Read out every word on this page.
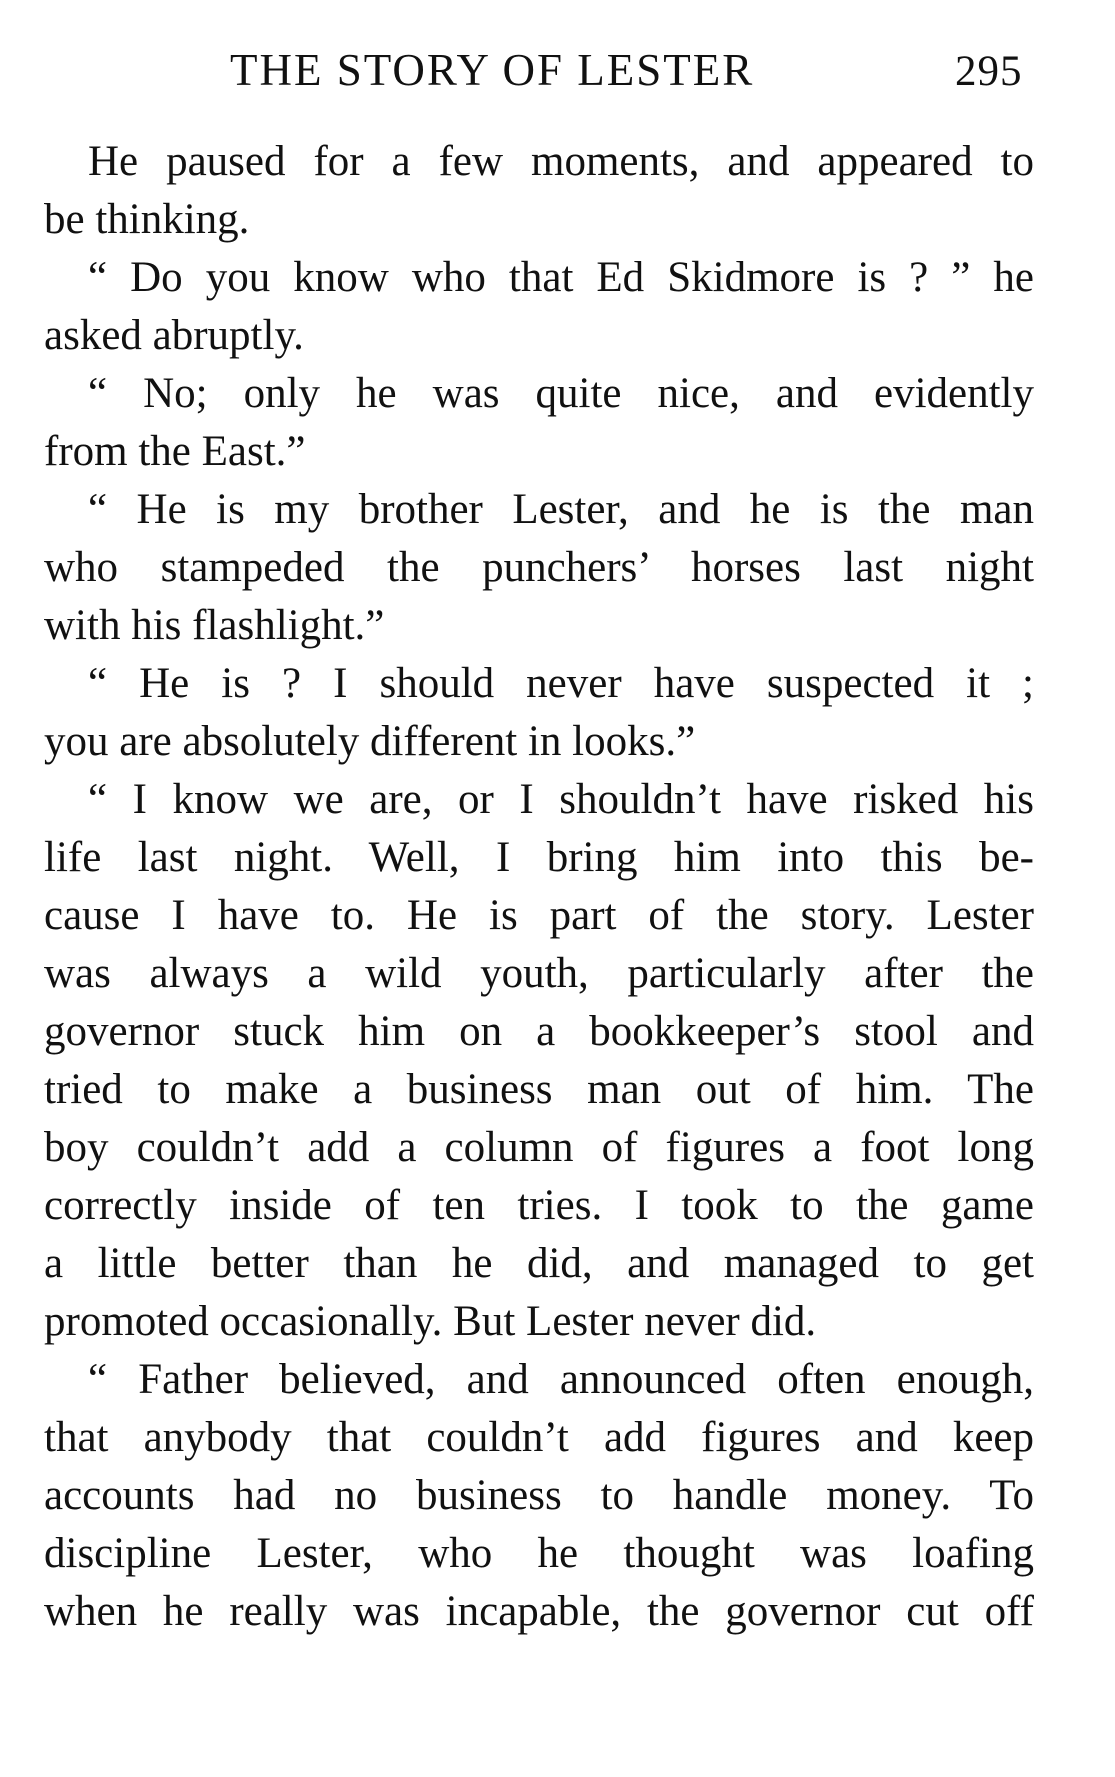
THE STORY OF LESTER	295
He paused for a few moments, and appeared to
be thinking.
“ Do you know who that Ed Skidmore is ? ” he
asked abruptly.
“ No; only he was quite nice, and evidently
from the East.”
“ He is my brother Lester, and he is the man
who stampeded the punchers’ horses last night
with his flashlight.”
“ He is ? I should never have suspected it ;
you are absolutely different in looks.”
“ I know we are, or I shouldn’t have risked his
life last night. Well, I bring him into this be-
cause I have to. He is part of the story. Lester
was always a wild youth, particularly after the
governor stuck him on a bookkeeper’s stool and
tried to make a business man out of him. The
boy couldn’t add a column of figures a foot long
correctly inside of ten tries. I took to the game
a little better than he did, and managed to get
promoted occasionally. But Lester never did.
“ Father believed, and announced often enough,
that anybody that couldn’t add figures and keep
accounts had no business to handle money. To
discipline Lester, who he thought was loafing
when he really was incapable, the governor cut off
